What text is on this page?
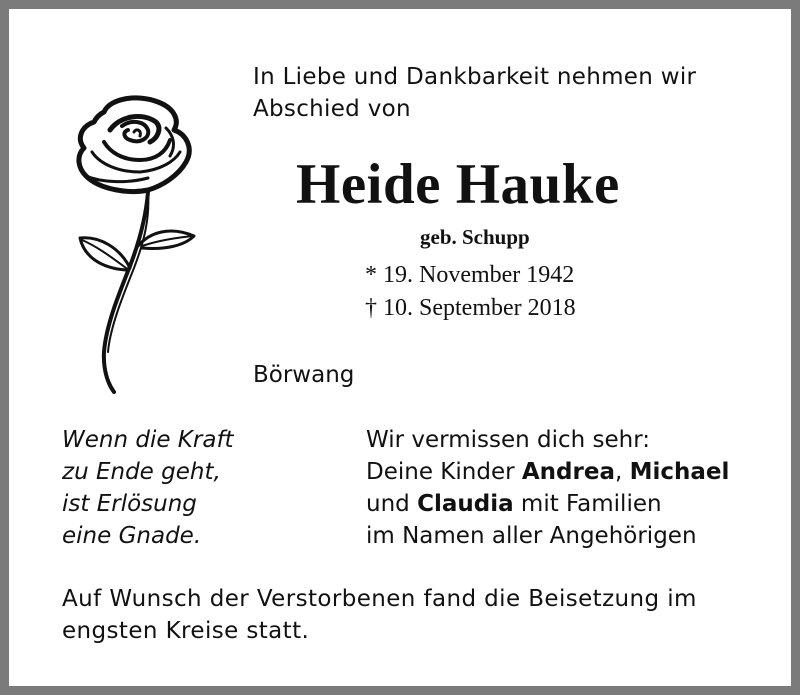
In Liebe und Dankbarkeit nehmen wir
Abschied von
Heide Hauke
geb. Schupp
* 19. November 1942
† 10. September 2018
Börwang
Wenn die Kraft
zu Ende geht,
ist Erlösung
eine Gnade.
Wir vermissen dich sehr:
Deine Kinder Andrea, Michael
und Claudia mit Familien
im Namen aller Angehörigen
Auf Wunsch der Verstorbenen fand die Beisetzung im
engsten Kreise statt.
